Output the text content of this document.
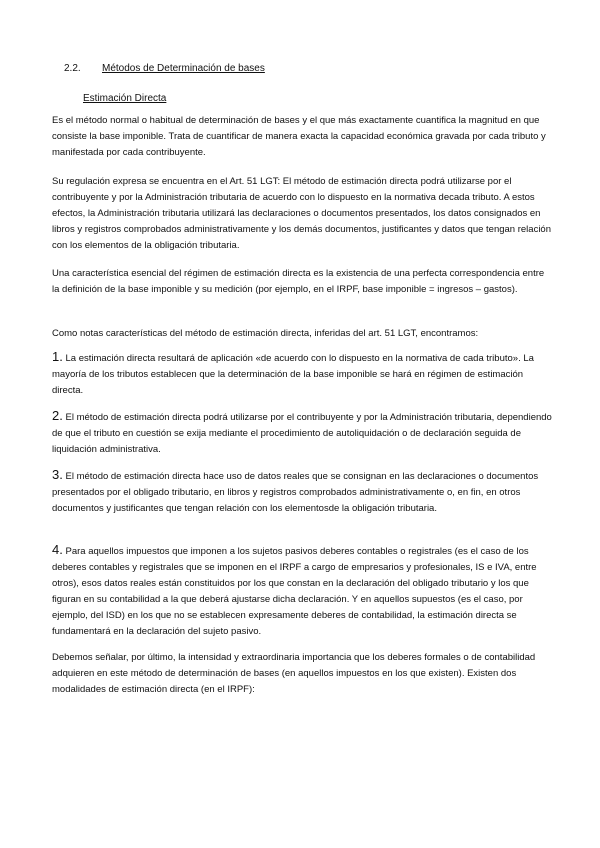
2.2. Métodos de Determinación de bases
Estimación Directa

Es el método normal o habitual de determinación de bases y el que más exactamente cuantifica la magnitud en que consiste la base imponible. Trata de cuantificar de manera exacta la capacidad económica gravada por cada tributo y manifestada por cada contribuyente.

Su regulación expresa se encuentra en el Art. 51 LGT: El método de estimación directa podrá utilizarse por el contribuyente y por la Administración tributaria de acuerdo con lo dispuesto en la normativa decada tributo. A estos efectos, la Administración tributaria utilizará las declaraciones o documentos presentados, los datos consignados en libros y registros comprobados administrativamente y los demás documentos, justificantes y datos que tengan relación con los elementos de la obligación tributaria.

Una característica esencial del régimen de estimación directa es la existencia de una perfecta correspondencia entre la definición de la base imponible y su medición (por ejemplo, en el IRPF, base imponible = ingresos – gastos).

Como notas características del método de estimación directa, inferidas del art. 51 LGT, encontramos:

1. La estimación directa resultará de aplicación «de acuerdo con lo dispuesto en la normativa de cada tributo». La mayoría de los tributos establecen que la determinación de la base imponible se hará en régimen de estimación directa.

2. El método de estimación directa podrá utilizarse por el contribuyente y por la Administración tributaria, dependiendo de que el tributo en cuestión se exija mediante el procedimiento de autoliquidación o de declaración seguida de liquidación administrativa.

3. El método de estimación directa hace uso de datos reales que se consignan en las declaraciones o documentos presentados por el obligado tributario, en libros y registros comprobados administrativamente o, en fin, en otros documentos y justificantes que tengan relación con los elementosde la obligación tributaria.

4. Para aquellos impuestos que imponen a los sujetos pasivos deberes contables o registrales (es el caso de los deberes contables y registrales que se imponen en el IRPF a cargo de empresarios y profesionales, IS e IVA, entre otros), esos datos reales están constituidos por los que constan en la declaración del obligado tributario y los que figuran en su contabilidad a la que deberá ajustarse dicha declaración. Y en aquellos supuestos (es el caso, por ejemplo, del ISD) en los que no se establecen expresamente deberes de contabilidad, la estimación directa se fundamentará en la declaración del sujeto pasivo.

Debemos señalar, por último, la intensidad y extraordinaria importancia que los deberes formales o de contabilidad adquieren en este método de determinación de bases (en aquellos impuestos en los que existen). Existen dos modalidades de estimación directa (en el IRPF):
